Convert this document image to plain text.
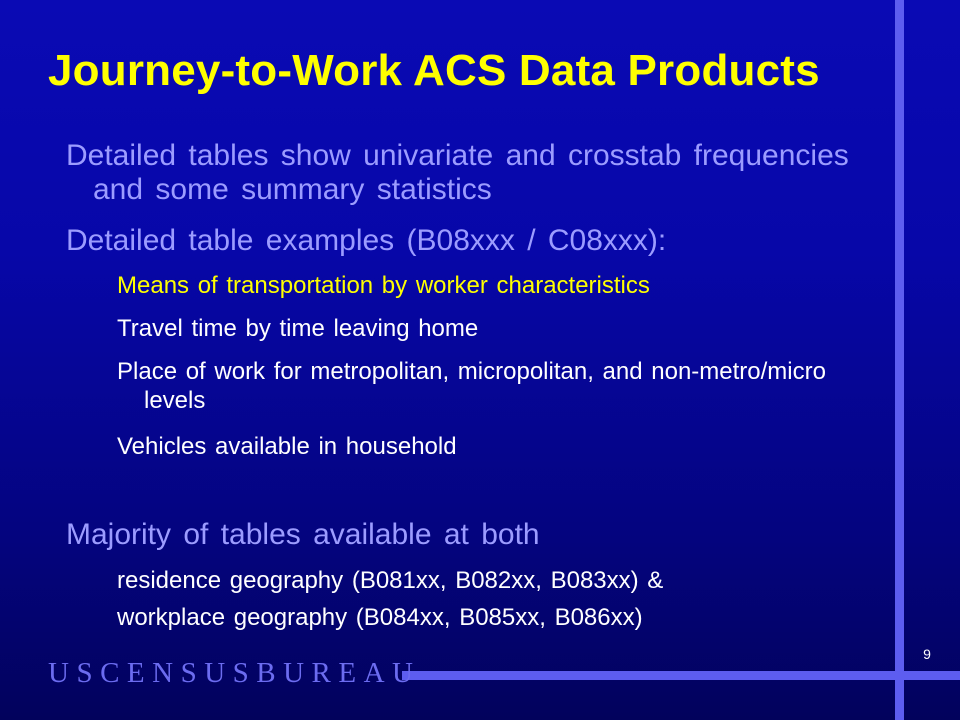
Journey-to-Work ACS Data Products

Detailed tables show univariate and crosstab frequencies and some summary statistics

Detailed table examples (B08xxx / C08xxx):

Means of transportation by worker characteristics

Travel time by time leaving home

Place of work for metropolitan, micropolitan, and non-metro/micro levels

Vehicles available in household

Majority of tables available at both

residence geography (B081xx, B082xx, B083xx) &

workplace geography (B084xx, B085xx, B086xx)

USCENSUSBUREAU

9
